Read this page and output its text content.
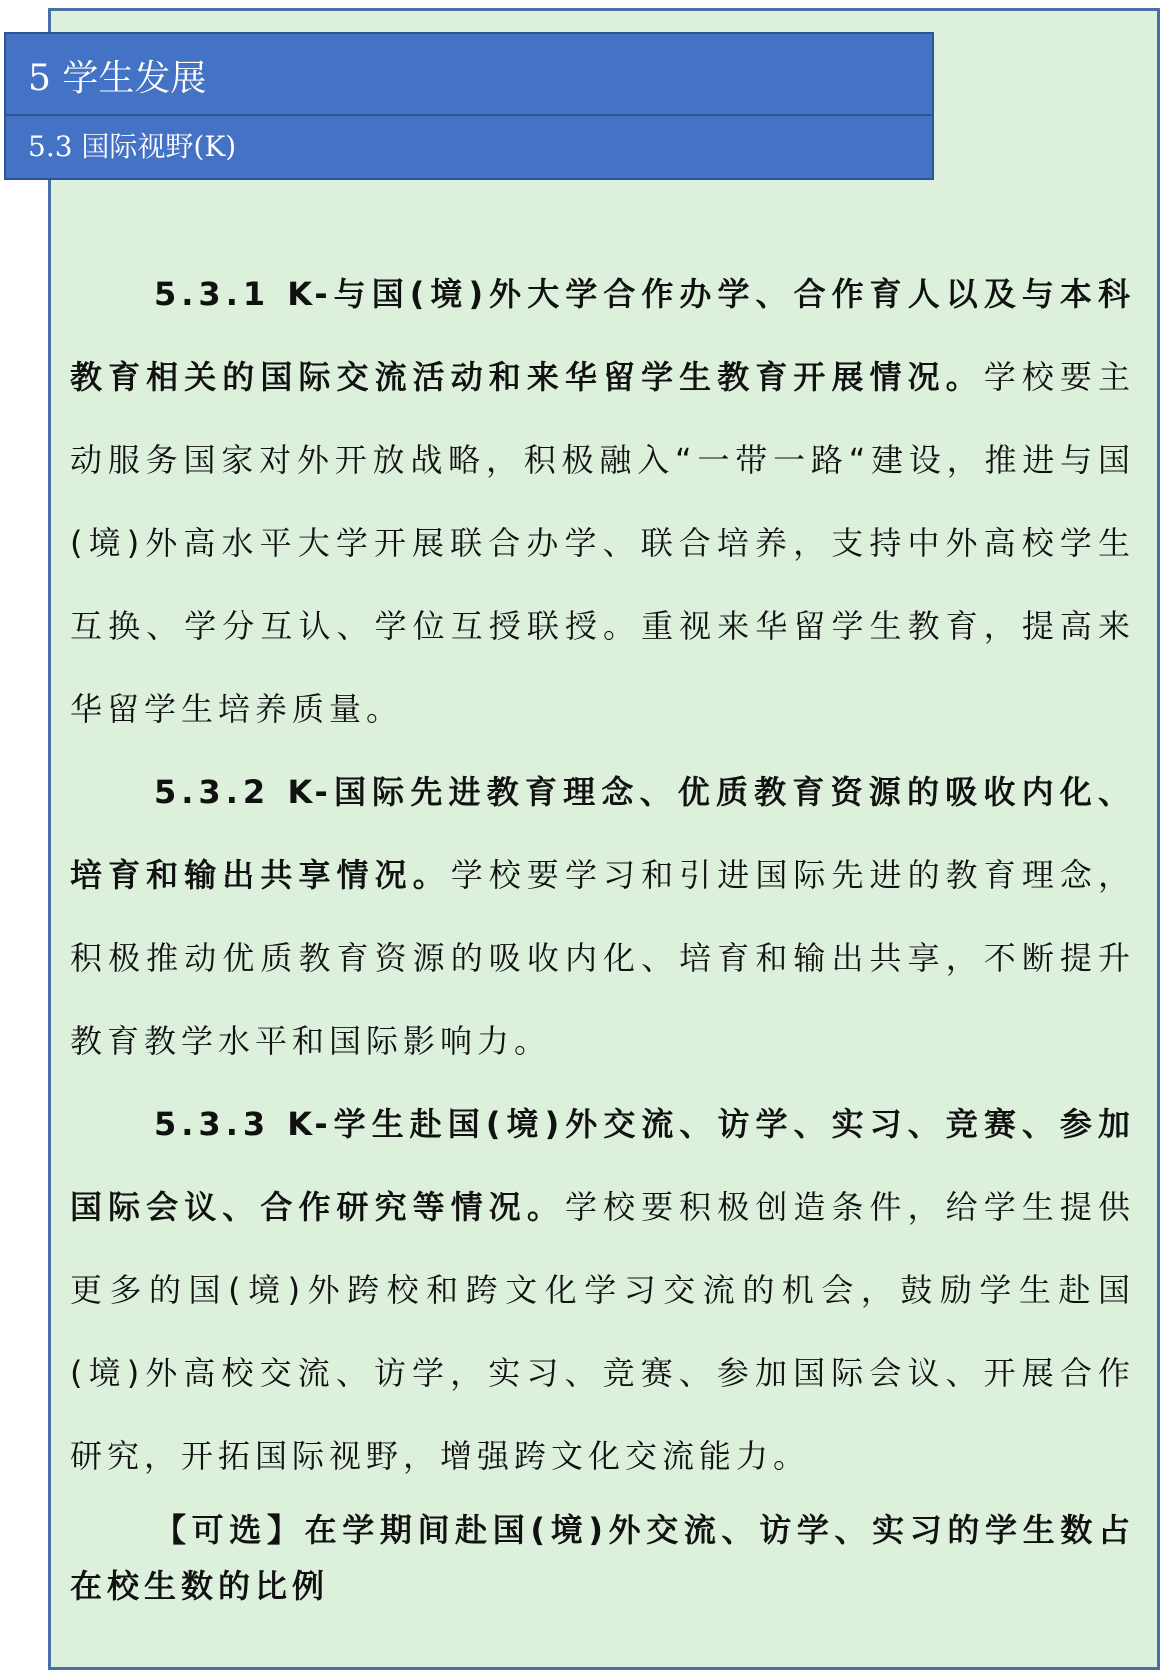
5 学生发展
5.3 国际视野(K)

5.3.1 K-与国(境)外大学合作办学、合作育人以及与本科教育相关的国际交流活动和来华留学生教育开展情况。学校要主动服务国家对外开放战略，积极融入“一带一路“建设，推进与国(境)外高水平大学开展联合办学、联合培养，支持中外高校学生互换、学分互认、学位互授联授。重视来华留学生教育，提高来华留学生培养质量。

5.3.2 K-国际先进教育理念、优质教育资源的吸收内化、培育和输出共享情况。学校要学习和引进国际先进的教育理念，积极推动优质教育资源的吸收内化、培育和输出共享，不断提升教育教学水平和国际影响力。

5.3.3 K-学生赴国(境)外交流、访学、实习、竞赛、参加国际会议、合作研究等情况。学校要积极创造条件，给学生提供更多的国(境)外跨校和跨文化学习交流的机会，鼓励学生赴国(境)外高校交流、访学，实习、竞赛、参加国际会议、开展合作研究，开拓国际视野，增强跨文化交流能力。

【可选】在学期间赴国(境)外交流、访学、实习的学生数占在校生数的比例
